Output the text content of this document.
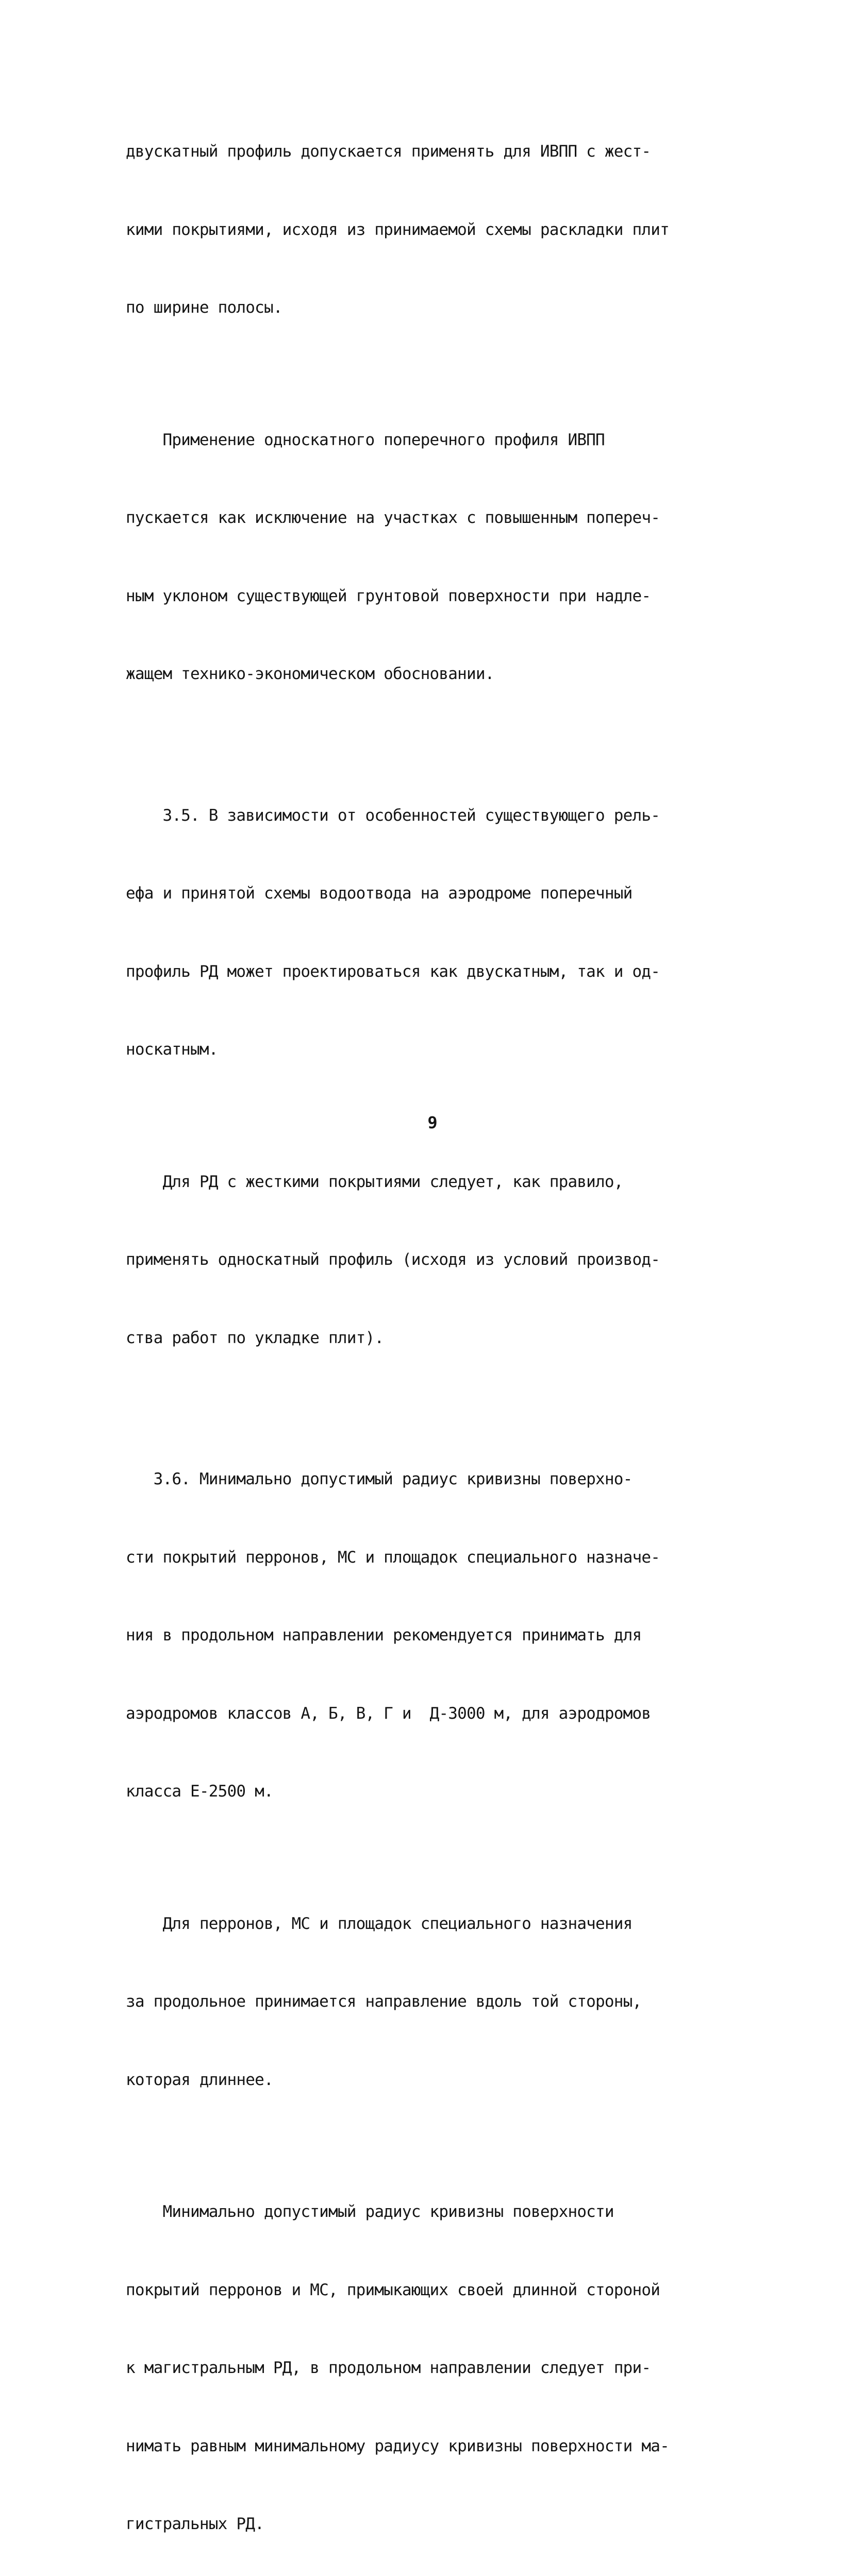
двускатный профиль допускается применять для ИВПП с жест-

кими покрытиями, исходя из принимаемой схемы раскладки плит

по ширине полосы.

Применение односкатного поперечного профиля ИВПП

пускается как исключение на участках с повышенным попереч-

ным уклоном существующей грунтовой поверхности при надле-

жащем технико-экономическом обосновании.

3.5. В зависимости от особенностей существующего рель-

ефа и принятой схемы водоотвода на аэродроме поперечный

профиль РД может проектироваться как двускатным, так и од-

носкатным.

Для РД с жесткими покрытиями следует, как правило,

применять односкатный профиль (исходя из условий производ-

ства работ по укладке плит).

3.6. Минимально допустимый радиус кривизны поверхно-

сти покрытий перронов, МС и площадок специального назначе-

ния в продольном направлении рекомендуется принимать для

аэродромов классов А, Б, В, Г и  Д-3000 м, для аэродромов

класса Е-2500 м.

Для перронов, МС и площадок специального назначения

за продольное принимается направление вдоль той стороны,

которая длиннее.

Минимально допустимый радиус кривизны поверхности

покрытий перронов и МС, примыкающих своей длинной стороной

к магистральным РД, в продольном направлении следует при-

нимать равным минимальному радиусу кривизны поверхности ма-

гистральных РД.

9
